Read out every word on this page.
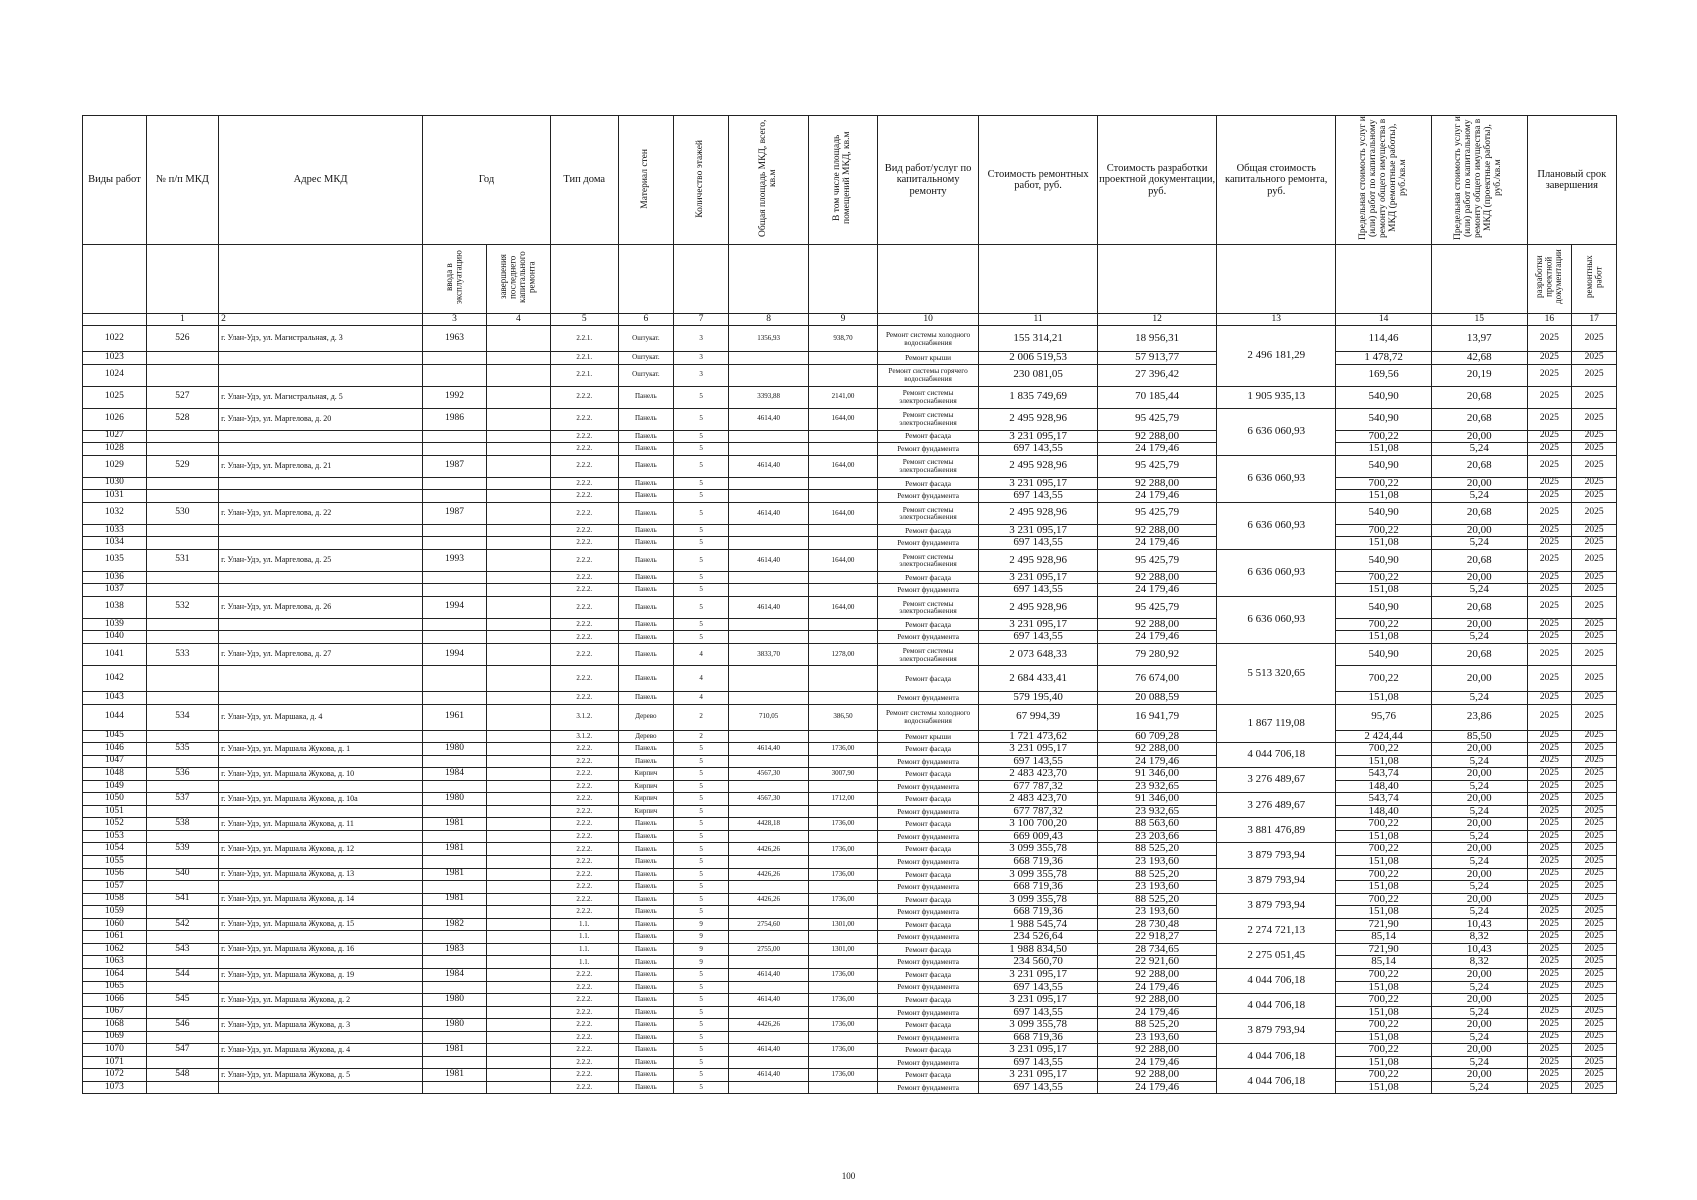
Виды работ	№ п/п МКД	Адрес МКД	Год		Тип дома	Материал стен	Количество этажей	Общая площадь МКД, всего, кв.м	В том числе площадь помещений МКД, кв.м	Вид работ/услуг по капитальному ремонту	Стоимость ремонтных работ, руб.	Стоимость разработки проектной документации, руб.	Общая стоимость капитального ремонта, руб.	Предельная стоимость услуг и (или) работ по капитальному ремонту общего имущества в МКД (ремонтные работы), руб./кв.м	Предельная стоимость услуг и (или) работ по капитальному ремонту общего имущества в МКД (проектные работы), руб./кв.м	Плановый срок завершения	
			ввода в эксплуатацию	завершения последнего капитального ремонта												разработки проектной документации	ремонтных работ
	1	2	3	4	5	6	7	8	9	10	11	12	13	14	15	16	17
1022	526	г. Улан-Удэ, ул. Магистральная, д. 3	1963		2.2.1.	Оштукат.	3	1356,93	938,70	Ремонт системы холодного водоснабжения	155 314,21	18 956,31	2 496 181,29	114,46	13,97	2025	2025
1023					2.2.1.	Оштукат.	3			Ремонт крыши	2 006 519,53	57 913,77		1 478,72	42,68	2025	2025
1024					2.2.1.	Оштукат.	3			Ремонт системы горячего водоснабжения	230 081,05	27 396,42		169,56	20,19	2025	2025
1025	527	г. Улан-Удэ, ул. Магистральная, д. 5	1992		2.2.2.	Панель	5	3393,88	2141,00	Ремонт системы электроснабжения	1 835 749,69	70 185,44	1 905 935,13	540,90	20,68	2025	2025
1026	528	г. Улан-Удэ, ул. Маргелова, д. 20	1986		2.2.2.	Панель	5	4614,40	1644,00	Ремонт системы электроснабжения	2 495 928,96	95 425,79	6 636 060,93	540,90	20,68	2025	2025
1027					2.2.2.	Панель	5			Ремонт фасада	3 231 095,17	92 288,00		700,22	20,00	2025	2025
1028					2.2.2.	Панель	5			Ремонт фундамента	697 143,55	24 179,46		151,08	5,24	2025	2025
1029	529	г. Улан-Удэ, ул. Маргелова, д. 21	1987		2.2.2.	Панель	5	4614,40	1644,00	Ремонт системы электроснабжения	2 495 928,96	95 425,79	6 636 060,93	540,90	20,68	2025	2025
1030					2.2.2.	Панель	5			Ремонт фасада	3 231 095,17	92 288,00		700,22	20,00	2025	2025
1031					2.2.2.	Панель	5			Ремонт фундамента	697 143,55	24 179,46		151,08	5,24	2025	2025
1032	530	г. Улан-Удэ, ул. Маргелова, д. 22	1987		2.2.2.	Панель	5	4614,40	1644,00	Ремонт системы электроснабжения	2 495 928,96	95 425,79	6 636 060,93	540,90	20,68	2025	2025
1033					2.2.2.	Панель	5			Ремонт фасада	3 231 095,17	92 288,00		700,22	20,00	2025	2025
1034					2.2.2.	Панель	5			Ремонт фундамента	697 143,55	24 179,46		151,08	5,24	2025	2025
1035	531	г. Улан-Удэ, ул. Маргелова, д. 25	1993		2.2.2.	Панель	5	4614,40	1644,00	Ремонт системы электроснабжения	2 495 928,96	95 425,79	6 636 060,93	540,90	20,68	2025	2025
1036					2.2.2.	Панель	5			Ремонт фасада	3 231 095,17	92 288,00		700,22	20,00	2025	2025
1037					2.2.2.	Панель	5			Ремонт фундамента	697 143,55	24 179,46		151,08	5,24	2025	2025
1038	532	г. Улан-Удэ, ул. Маргелова, д. 26	1994		2.2.2.	Панель	5	4614,40	1644,00	Ремонт системы электроснабжения	2 495 928,96	95 425,79	6 636 060,93	540,90	20,68	2025	2025
1039					2.2.2.	Панель	5			Ремонт фасада	3 231 095,17	92 288,00		700,22	20,00	2025	2025
1040					2.2.2.	Панель	5			Ремонт фундамента	697 143,55	24 179,46		151,08	5,24	2025	2025
1041	533	г. Улан-Удэ, ул. Маргелова, д. 27	1994		2.2.2.	Панель	4	3833,70	1278,00	Ремонт системы электроснабжения	2 073 648,33	79 280,92	5 513 320,65	540,90	20,68	2025	2025
1042					2.2.2.	Панель	4			Ремонт фасада	2 684 433,41	76 674,00		700,22	20,00	2025	2025
1043					2.2.2.	Панель	4			Ремонт фундамента	579 195,40	20 088,59		151,08	5,24	2025	2025
1044	534	г. Улан-Удэ, ул. Маршака, д. 4	1961		3.1.2.	Дерево	2	710,05	386,50	Ремонт системы холодного водоснабжения	67 994,39	16 941,79	1 867 119,08	95,76	23,86	2025	2025
1045					3.1.2.	Дерево	2			Ремонт крыши	1 721 473,62	60 709,28		2 424,44	85,50	2025	2025
1046	535	г. Улан-Удэ, ул. Маршала Жукова, д. 1	1980		2.2.2.	Панель	5	4614,40	1736,00	Ремонт фасада	3 231 095,17	92 288,00	4 044 706,18	700,22	20,00	2025	2025
1047					2.2.2.	Панель	5			Ремонт фундамента	697 143,55	24 179,46		151,08	5,24	2025	2025
1048	536	г. Улан-Удэ, ул. Маршала Жукова, д. 10	1984		2.2.2.	Кирпич	5	4567,30	3007,90	Ремонт фасада	2 483 423,70	91 346,00	3 276 489,67	543,74	20,00	2025	2025
1049					2.2.2.	Кирпич	5			Ремонт фундамента	677 787,32	23 932,65		148,40	5,24	2025	2025
1050	537	г. Улан-Удэ, ул. Маршала Жукова, д. 10а	1980		2.2.2.	Кирпич	5	4567,30	1712,00	Ремонт фасада	2 483 423,70	91 346,00	3 276 489,67	543,74	20,00	2025	2025
1051					2.2.2.	Кирпич	5			Ремонт фундамента	677 787,32	23 932,65		148,40	5,24	2025	2025
1052	538	г. Улан-Удэ, ул. Маршала Жукова, д. 11	1981		2.2.2.	Панель	5	4428,18	1736,00	Ремонт фасада	3 100 700,20	88 563,60	3 881 476,89	700,22	20,00	2025	2025
1053					2.2.2.	Панель	5			Ремонт фундамента	669 009,43	23 203,66		151,08	5,24	2025	2025
1054	539	г. Улан-Удэ, ул. Маршала Жукова, д. 12	1981		2.2.2.	Панель	5	4426,26	1736,00	Ремонт фасада	3 099 355,78	88 525,20	3 879 793,94	700,22	20,00	2025	2025
1055					2.2.2.	Панель	5			Ремонт фундамента	668 719,36	23 193,60		151,08	5,24	2025	2025
1056	540	г. Улан-Удэ, ул. Маршала Жукова, д. 13	1981		2.2.2.	Панель	5	4426,26	1736,00	Ремонт фасада	3 099 355,78	88 525,20	3 879 793,94	700,22	20,00	2025	2025
1057					2.2.2.	Панель	5			Ремонт фундамента	668 719,36	23 193,60		151,08	5,24	2025	2025
1058	541	г. Улан-Удэ, ул. Маршала Жукова, д. 14	1981		2.2.2.	Панель	5	4426,26	1736,00	Ремонт фасада	3 099 355,78	88 525,20	3 879 793,94	700,22	20,00	2025	2025
1059					2.2.2.	Панель	5			Ремонт фундамента	668 719,36	23 193,60		151,08	5,24	2025	2025
1060	542	г. Улан-Удэ, ул. Маршала Жукова, д. 15	1982		1.1.	Панель	9	2754,60	1301,00	Ремонт фасада	1 988 545,74	28 730,48	2 274 721,13	721,90	10,43	2025	2025
1061					1.1.	Панель	9			Ремонт фундамента	234 526,64	22 918,27		85,14	8,32	2025	2025
1062	543	г. Улан-Удэ, ул. Маршала Жукова, д. 16	1983		1.1.	Панель	9	2755,00	1301,00	Ремонт фасада	1 988 834,50	28 734,65	2 275 051,45	721,90	10,43	2025	2025
1063					1.1.	Панель	9			Ремонт фундамента	234 560,70	22 921,60		85,14	8,32	2025	2025
1064	544	г. Улан-Удэ, ул. Маршала Жукова, д. 19	1984		2.2.2.	Панель	5	4614,40	1736,00	Ремонт фасада	3 231 095,17	92 288,00	4 044 706,18	700,22	20,00	2025	2025
1065					2.2.2.	Панель	5			Ремонт фундамента	697 143,55	24 179,46		151,08	5,24	2025	2025
1066	545	г. Улан-Удэ, ул. Маршала Жукова, д. 2	1980		2.2.2.	Панель	5	4614,40	1736,00	Ремонт фасада	3 231 095,17	92 288,00	4 044 706,18	700,22	20,00	2025	2025
1067					2.2.2.	Панель	5			Ремонт фундамента	697 143,55	24 179,46		151,08	5,24	2025	2025
1068	546	г. Улан-Удэ, ул. Маршала Жукова, д. 3	1980		2.2.2.	Панель	5	4426,26	1736,00	Ремонт фасада	3 099 355,78	88 525,20	3 879 793,94	700,22	20,00	2025	2025
1069					2.2.2.	Панель	5			Ремонт фундамента	668 719,36	23 193,60		151,08	5,24	2025	2025
1070	547	г. Улан-Удэ, ул. Маршала Жукова, д. 4	1981		2.2.2.	Панель	5	4614,40	1736,00	Ремонт фасада	3 231 095,17	92 288,00	4 044 706,18	700,22	20,00	2025	2025
1071					2.2.2.	Панель	5			Ремонт фундамента	697 143,55	24 179,46		151,08	5,24	2025	2025
1072	548	г. Улан-Удэ, ул. Маршала Жукова, д. 5	1981		2.2.2.	Панель	5	4614,40	1736,00	Ремонт фасада	3 231 095,17	92 288,00	4 044 706,18	700,22	20,00	2025	2025
1073					2.2.2.	Панель	5			Ремонт фундамента	697 143,55	24 179,46		151,08	5,24	2025	2025
100
